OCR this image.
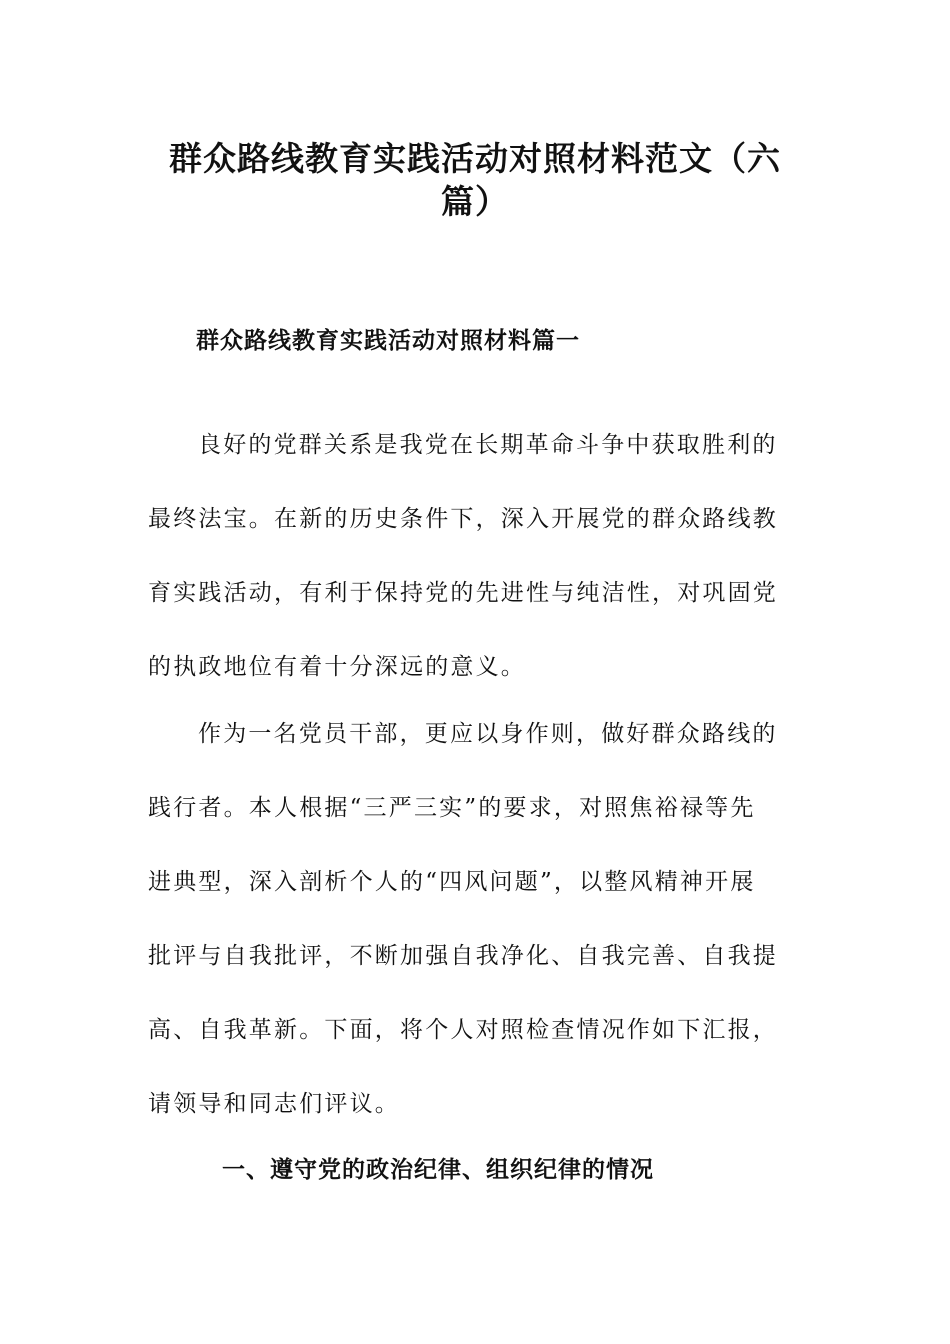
群众路线教育实践活动对照材料范文（六
篇）
群众路线教育实践活动对照材料篇一
良好的党群关系是我党在长期革命斗争中获取胜利的
最终法宝。在新的历史条件下，深入开展党的群众路线教
育实践活动，有利于保持党的先进性与纯洁性，对巩固党
的执政地位有着十分深远的意义。
作为一名党员干部，更应以身作则，做好群众路线的
践行者。本人根据“三严三实”的要求，对照焦裕禄等先
进典型，深入剖析个人的“四风问题”，以整风精神开展
批评与自我批评，不断加强自我净化、自我完善、自我提
高、自我革新。下面，将个人对照检查情况作如下汇报，
请领导和同志们评议。
一、遵守党的政治纪律、组织纪律的情况
